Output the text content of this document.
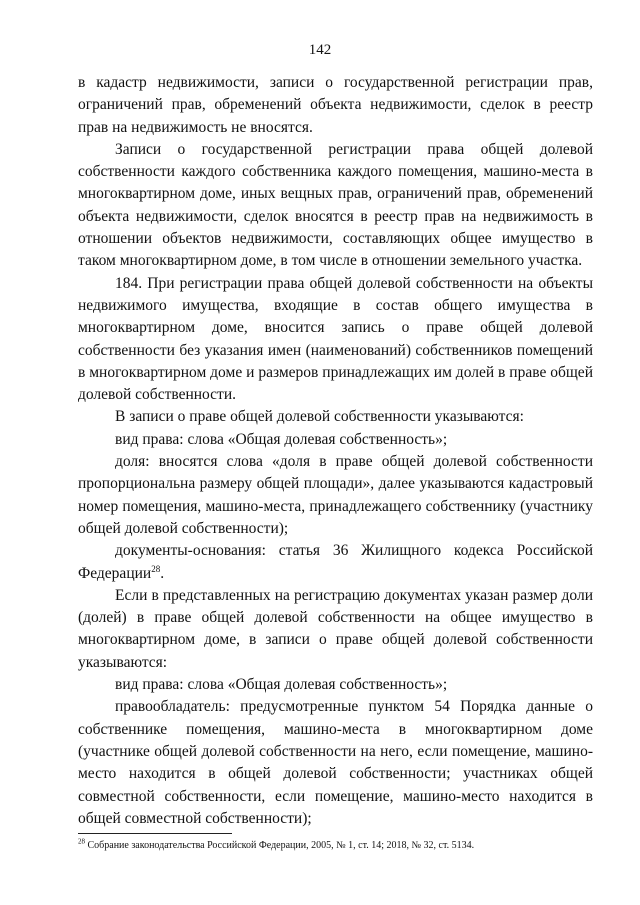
142

в кадастр недвижимости, записи о государственной регистрации прав, ограничений прав, обременений объекта недвижимости, сделок в реестр прав на недвижимость не вносятся.

Записи о государственной регистрации права общей долевой собственности каждого собственника каждого помещения, машино-места в многоквартирном доме, иных вещных прав, ограничений прав, обременений объекта недвижимости, сделок вносятся в реестр прав на недвижимость в отношении объектов недвижимости, составляющих общее имущество в таком многоквартирном доме, в том числе в отношении земельного участка.

184. При регистрации права общей долевой собственности на объекты недвижимого имущества, входящие в состав общего имущества в многоквартирном доме, вносится запись о праве общей долевой собственности без указания имен (наименований) собственников помещений в многоквартирном доме и размеров принадлежащих им долей в праве общей долевой собственности.

В записи о праве общей долевой собственности указываются:

вид права: слова «Общая долевая собственность»;

доля: вносятся слова «доля в праве общей долевой собственности пропорциональна размеру общей площади», далее указываются кадастровый номер помещения, машино-места, принадлежащего собственнику (участнику общей долевой собственности);

документы-основания: статья 36 Жилищного кодекса Российской Федерации$^{28}$.

Если в представленных на регистрацию документах указан размер доли (долей) в праве общей долевой собственности на общее имущество в многоквартирном доме, в записи о праве общей долевой собственности указываются:

вид права: слова «Общая долевая собственность»;

правообладатель: предусмотренные пунктом 54 Порядка данные о собственнике помещения, машино-места в многоквартирном доме (участнике общей долевой собственности на него, если помещение, машино-место находится в общей долевой собственности; участниках общей совместной собственности, если помещение, машино-место находится в общей совместной собственности);

$^{28}$ Собрание законодательства Российской Федерации, 2005, № 1, ст. 14; 2018, № 32, ст. 5134.
